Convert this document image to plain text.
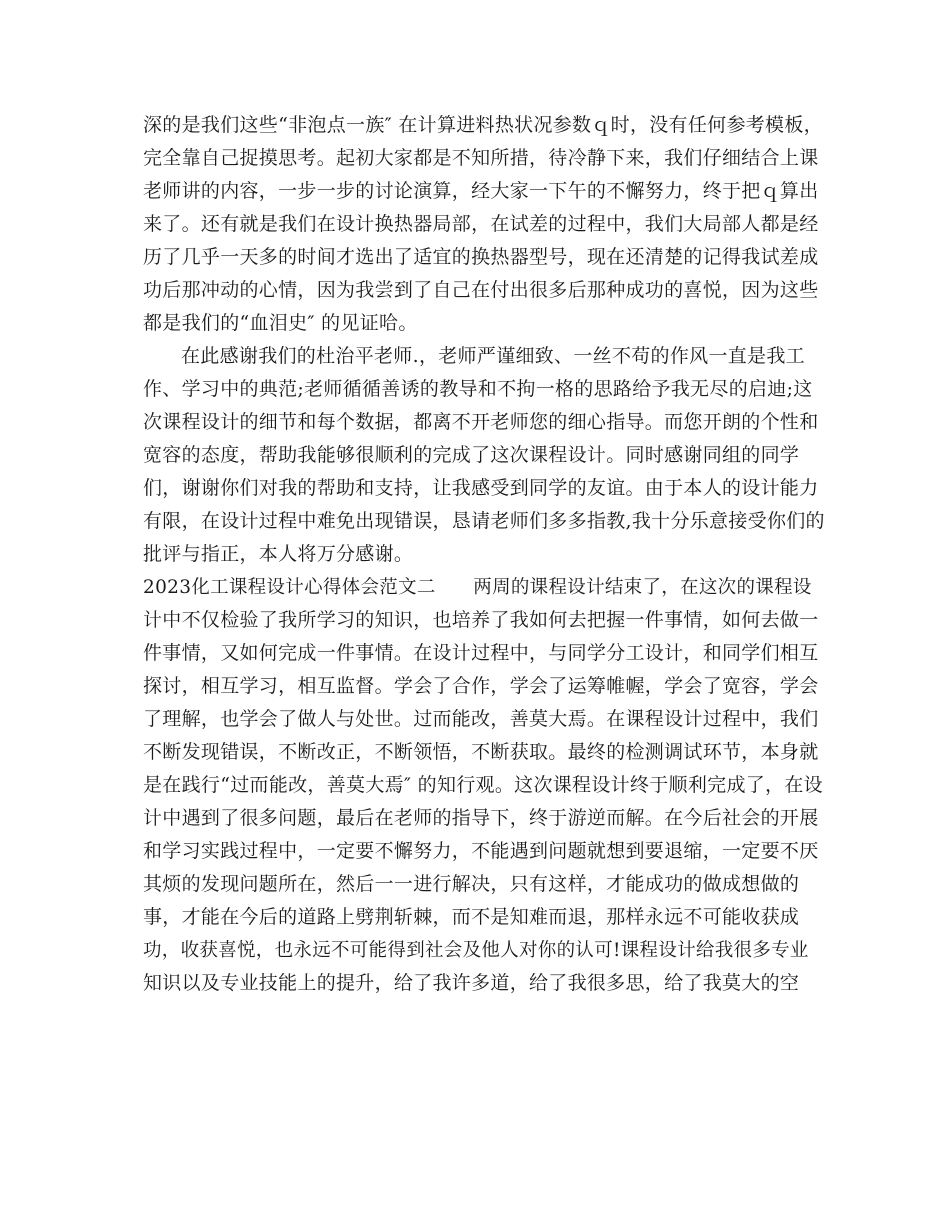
深的是我们这些“非泡点一族″ 在计算进料热状况参数ｑ时，没有任何参考模板，
完全靠自己捉摸思考。起初大家都是不知所措，待冷静下来，我们仔细结合上课
老师讲的内容，一步一步的讨论演算，经大家一下午的不懈努力，终于把ｑ算出
来了。还有就是我们在设计换热器局部，在试差的过程中，我们大局部人都是经
历了几乎一天多的时间才选出了适宜的换热器型号，现在还清楚的记得我试差成
功后那冲动的心情，因为我尝到了自己在付出很多后那种成功的喜悦，因为这些
都是我们的“血泪史″ 的见证哈。
在此感谢我们的杜治平老师.，老师严谨细致、一丝不苟的作风一直是我工
作、学习中的典范;老师循循善诱的教导和不拘一格的思路给予我无尽的启迪;这
次课程设计的细节和每个数据，都离不开老师您的细心指导。而您开朗的个性和
宽容的态度，帮助我能够很顺利的完成了这次课程设计。同时感谢同组的同学
们，谢谢你们对我的帮助和支持，让我感受到同学的友谊。由于本人的设计能力
有限，在设计过程中难免出现错误，恳请老师们多多指教,我十分乐意接受你们的
批评与指正，本人将万分感谢。
2023化工课程设计心得体会范文二　　两周的课程设计结束了，在这次的课程设
计中不仅检验了我所学习的知识，也培养了我如何去把握一件事情，如何去做一
件事情，又如何完成一件事情。在设计过程中，与同学分工设计，和同学们相互
探讨，相互学习，相互监督。学会了合作，学会了运筹帷幄，学会了宽容，学会
了理解，也学会了做人与处世。过而能改，善莫大焉。在课程设计过程中，我们
不断发现错误，不断改正，不断领悟，不断获取。最终的检测调试环节，本身就
是在践行“过而能改，善莫大焉″ 的知行观。这次课程设计终于顺利完成了，在设
计中遇到了很多问题，最后在老师的指导下，终于游逆而解。在今后社会的开展
和学习实践过程中，一定要不懈努力，不能遇到问题就想到要退缩，一定要不厌
其烦的发现问题所在，然后一一进行解决，只有这样，才能成功的做成想做的
事，才能在今后的道路上劈荆斩棘，而不是知难而退，那样永远不可能收获成
功，收获喜悦，也永远不可能得到社会及他人对你的认可!课程设计给我很多专业
知识以及专业技能上的提升，给了我许多道，给了我很多思，给了我莫大的空
